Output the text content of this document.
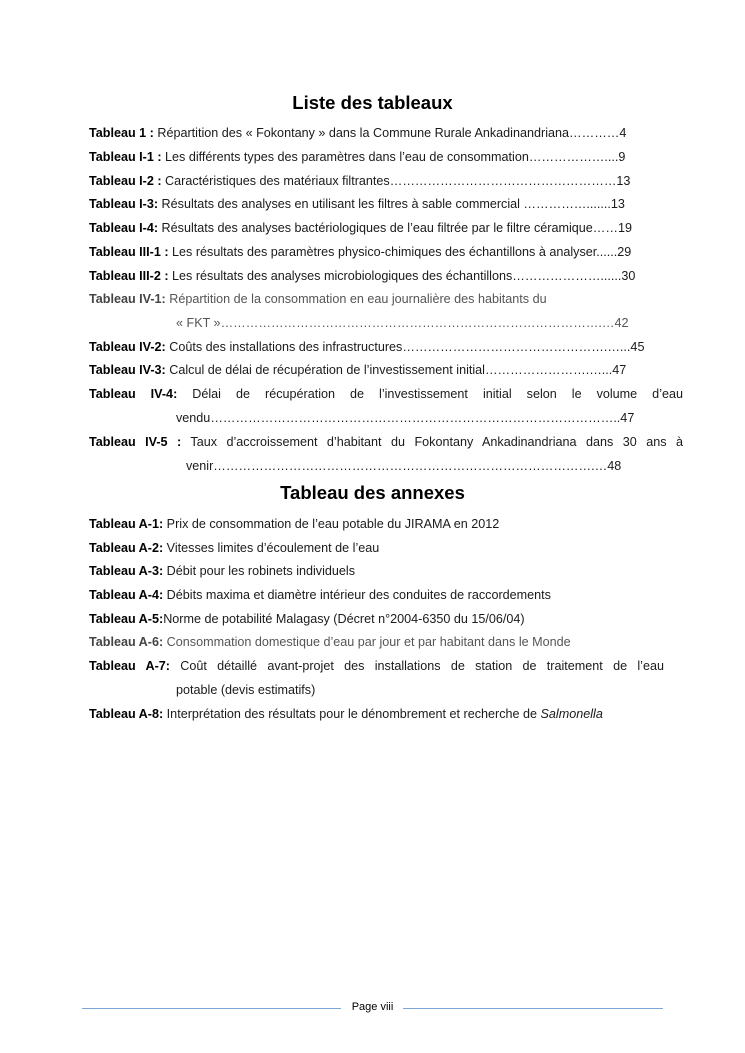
Liste des tableaux
Tableau 1 : Répartition des « Fokontany » dans la Commune Rurale Ankadinandriana…………4
Tableau I-1 : Les différents types des paramètres dans l’eau de consommation………………....9
Tableau I-2 : Caractéristiques des matériaux filtrantes………………………………………………13
Tableau I-3: Résultats des analyses en utilisant les filtres à sable commercial …………….......13
Tableau I-4: Résultats des analyses bactériologiques de l’eau filtrée par le filtre céramique……19
Tableau III-1 : Les résultats des paramètres physico-chimiques des échantillons à analyser......29
Tableau III-2 : Les résultats des analyses microbiologiques des échantillons…………………......30
Tableau IV-1: Répartition de la consommation en eau journalière des habitants du
« FKT »……………………………………………………………………………….…42
Tableau IV-2: Coûts des installations des infrastructures………………………………………….…...45
Tableau IV-3: Calcul de délai de récupération de l’investissement initial…………………….…...47
Tableau IV-4: Délai de récupération de l’investissement initial selon le volume d’eau
vendu……………………………………………………………………………………..47
Tableau IV-5 : Taux d’accroissement d’habitant du Fokontany Ankadinandriana dans 30 ans à
venir……………………………………………………………………………….…48
Tableau des annexes
Tableau A-1: Prix de consommation de l’eau potable du JIRAMA en 2012
Tableau A-2: Vitesses limites d’écoulement de l’eau
Tableau A-3: Débit pour les robinets individuels
Tableau A-4: Débits maxima et diamètre intérieur des conduites de raccordements
Tableau A-5:Norme de potabilité Malagasy (Décret n°2004-6350 du 15/06/04)
Tableau A-6: Consommation domestique d’eau par jour et par habitant dans le Monde
Tableau A-7: Coût détaillé avant-projet des installations de station de traitement de l’eau
potable (devis estimatifs)
Tableau A-8: Interprétation des résultats pour le dénombrement et recherche de Salmonella
Page viii
